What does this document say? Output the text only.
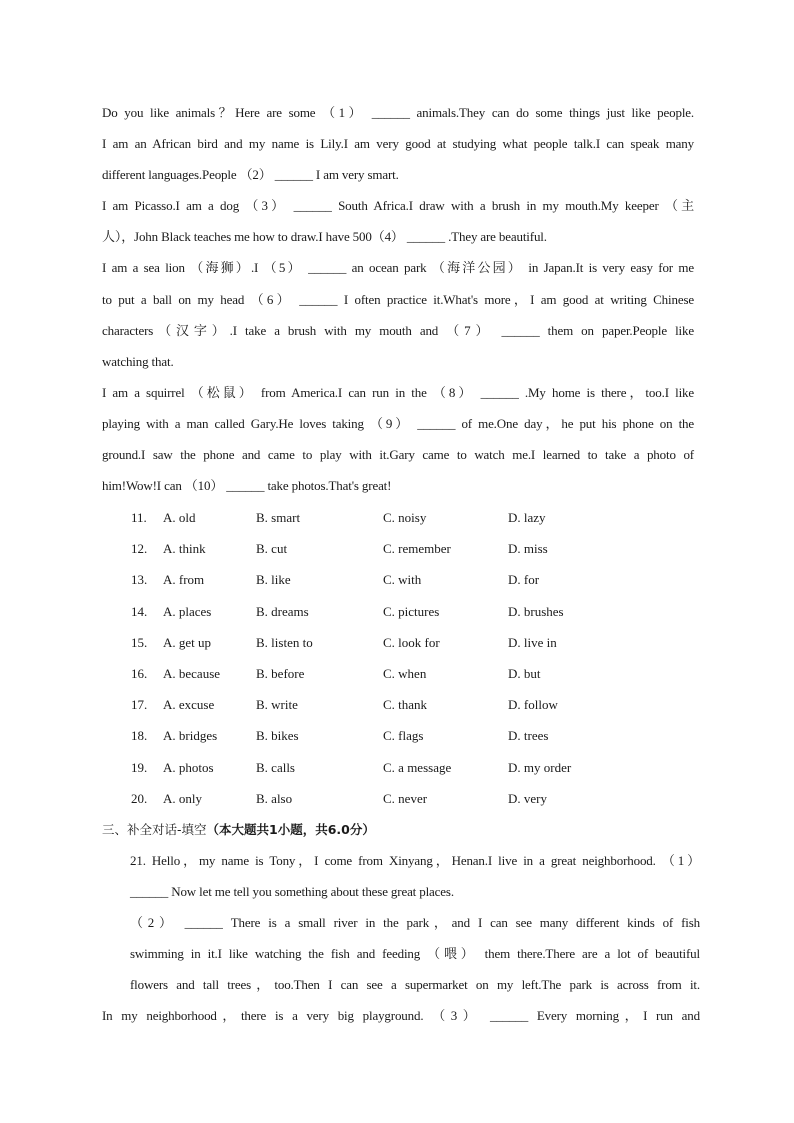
Do you like animals？Here are some （1） ______ animals.They can do some things just like people.
I am an African bird and my name is Lily.I am very good at studying what people talk.I can speak many
different languages.People （2） ______ I am very smart.
I am Picasso.I am a dog （3） ______ South Africa.I draw with a brush in my mouth.My keeper （主
人），John Black teaches me how to draw.I have 500（4） ______ .They are beautiful.
I am a sea lion （海狮）.I （5） ______ an ocean park （海洋公园） in Japan.It is very easy for me
to put a ball on my head （6） ______ I often practice it.What's more，I am good at writing Chinese
characters（汉字）.I take a brush with my mouth and （7） ______ them on paper.People like
watching that.
I am a squirrel （松鼠） from America.I can run in the （8） ______ .My home is there，too.I like
playing with a man called Gary.He loves taking （9） ______ of me.One day，he put his phone on the
ground.I saw the phone and came to play with it.Gary came to watch me.I learned to take a photo of
him!Wow!I can （10） ______ take photos.That's great!
11.	A. old	B. smart	C. noisy	D. lazy
12.	A. think	B. cut	C. remember	D. miss
13.	A. from	B. like	C. with	D. for
14.	A. places	B. dreams	C. pictures	D. brushes
15.	A. get up	B. listen to	C. look for	D. live in
16.	A. because	B. before	C. when	D. but
17.	A. excuse	B. write	C. thank	D. follow
18.	A. bridges	B. bikes	C. flags	D. trees
19.	A. photos	B. calls	C. a message	D. my order
20.	A. only	B. also	C. never	D. very
三、补全对话-填空（本大题共1小题，共6.0分）
21. Hello，my name is Tony，I come from Xinyang，Henan.I live in a great neighborhood. （1）
______ Now let me tell you something about these great places.
（2） ______ There is a small river in the park，and I can see many different kinds of fish
swimming in it.I like watching the fish and feeding （喂） them there.There are a lot of beautiful
flowers and tall trees，too.Then I can see a supermarket on my left.The park is across from it.
In my neighborhood，there is a very big playground. （3） ______ Every morning，I run and
